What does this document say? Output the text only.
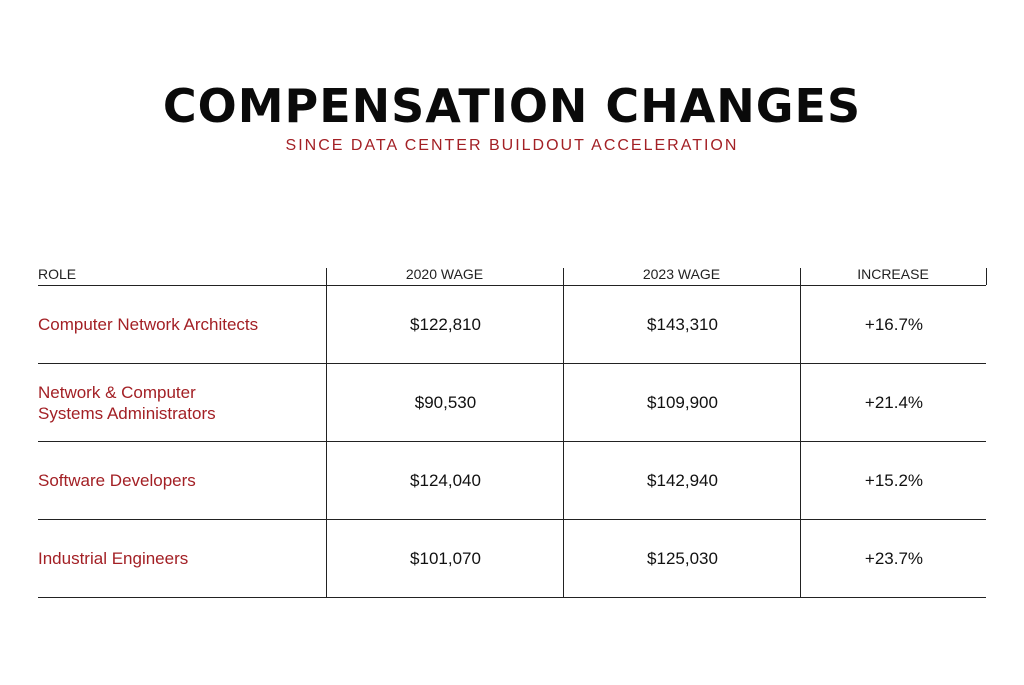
COMPENSATION CHANGES
SINCE DATA CENTER BUILDOUT ACCELERATION
ROLE	2020 WAGE	2023 WAGE	INCREASE
Computer Network Architects	$122,810	$143,310	+16.7%
Network & Computer
Systems Administrators
$90,530	$109,900	+21.4%
Software Developers	$124,040	$142,940	+15.2%
Industrial Engineers	$101,070	$125,030	+23.7%
